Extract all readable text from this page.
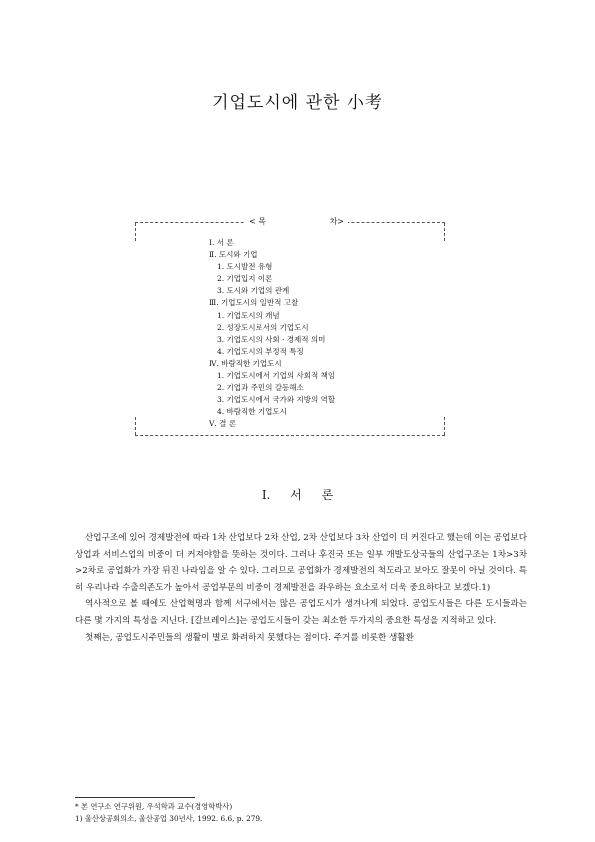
기업도시에 관한 小考
< 목	차>
Ⅰ. 서 론
Ⅱ. 도시와 기업
1. 도시발전 유형
2. 기업입지 이론
3. 도시와 기업의 관계
Ⅲ. 기업도시의 일반적 고찰
1. 기업도시의 개념
2. 성장도시로서의 기업도시
3. 기업도시의 사회 · 경제적 의미
4. 기업도시의 부정적 특징
Ⅳ. 바람직한 기업도시
1. 기업도시에서 기업의 사회적 책임
2. 기업과 주민의 갈등해소
3. 기업도시에서 국가와 지방의 역할
4. 바람직한 기업도시
Ⅴ. 결 론
Ⅰ. 서 론

산업구조에 있어 경제발전에 따라 1차 산업보다 2차 산업, 2차 산업보다 3차 산업이 더 커진다고 했는데 이는 공업보다 상업과 서비스업의 비중이 더 커져야함을 뜻하는 것이다. 그러나 후진국 또는 일부 개발도상국들의 산업구조는 1차>3차>2차로 공업화가 가장 뒤진 나라임을 알 수 있다. 그러므로 공업화가 경제발전의 척도라고 보아도 잘못이 아닐 것이다. 특히 우리나라 수출의존도가 높아서 공업부문의 비중이 경제발전을 좌우하는 요소로서 더욱 중요하다고 보겠다.1)

역사적으로 볼 때에도 산업혁명과 함께 서구에서는 많은 공업도시가 생겨나게 되었다. 공업도시들은 다른 도시들과는 다른 몇 가지의 특성을 지닌다. [갈브레이스]는 공업도시들이 갖는 최소한 두가지의 중요한 특성을 지적하고 있다.

첫째는, 공업도시주민들의 생활이 별로 화려하지 못했다는 점이다. 주거를 비롯한 생활환

* 본 연구소 연구위원, 우석학과 교수(경영학박사)
1) 울산상공회의소, 울산공업 30년사, 1992. 6.6, p. 279.
